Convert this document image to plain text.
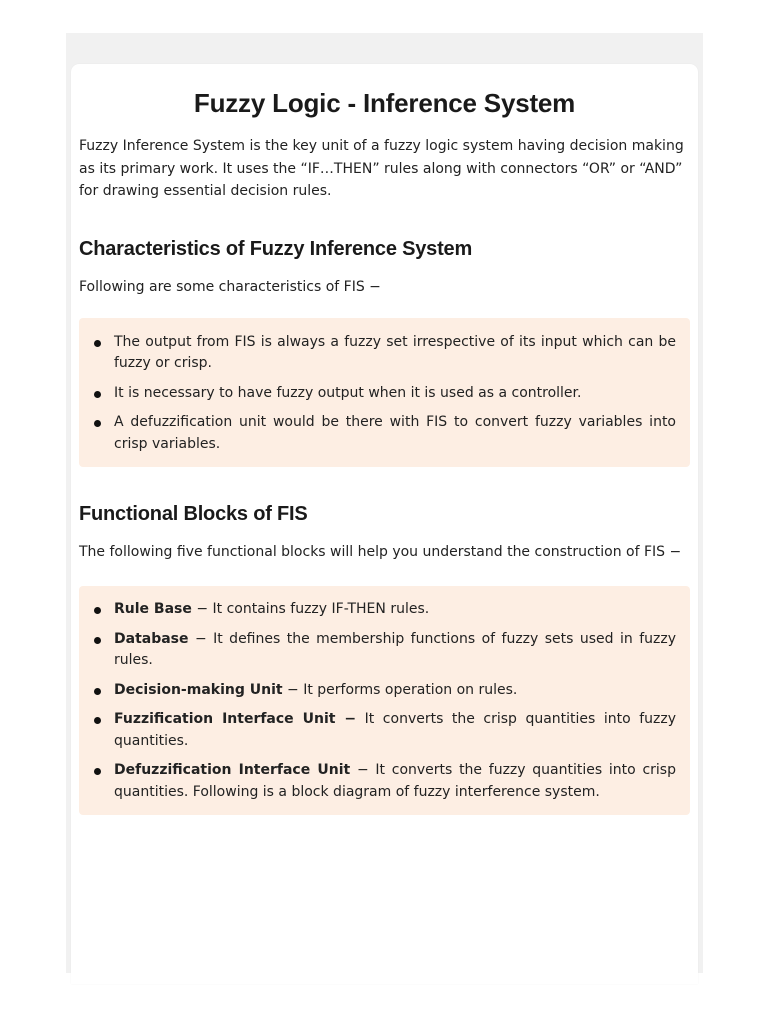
Fuzzy Logic - Inference System

Fuzzy Inference System is the key unit of a fuzzy logic system having decision making as its primary work. It uses the “IF…THEN” rules along with connectors “OR” or “AND” for drawing essential decision rules.

Characteristics of Fuzzy Inference System

Following are some characteristics of FIS −

The output from FIS is always a fuzzy set irrespective of its input which can be fuzzy or crisp.
It is necessary to have fuzzy output when it is used as a controller.
A defuzzification unit would be there with FIS to convert fuzzy variables into crisp variables.
Functional Blocks of FIS

The following five functional blocks will help you understand the construction of FIS −

Rule Base − It contains fuzzy IF-THEN rules.
Database − It defines the membership functions of fuzzy sets used in fuzzy rules.
Decision-making Unit − It performs operation on rules.
Fuzzification Interface Unit − It converts the crisp quantities into fuzzy quantities.
Defuzzification Interface Unit − It converts the fuzzy quantities into crisp quantities. Following is a block diagram of fuzzy interference system.
